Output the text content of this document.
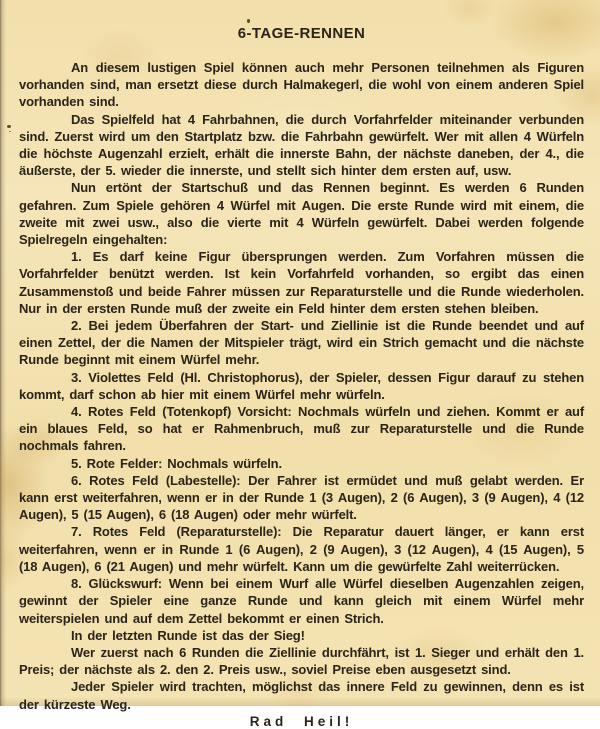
6-TAGE-RENNEN

An diesem lustigen Spiel können auch mehr Personen teilnehmen als Figuren vorhanden sind, man ersetzt diese durch Halmakegerl, die wohl von einem anderen Spiel vorhanden sind.

Das Spielfeld hat 4 Fahrbahnen, die durch Vorfahrfelder miteinander verbunden sind. Zuerst wird um den Startplatz bzw. die Fahrbahn gewürfelt. Wer mit allen 4 Würfeln die höchste Augenzahl erzielt, erhält die innerste Bahn, der nächste daneben, der 4., die äußerste, der 5. wieder die innerste, und stellt sich hinter dem ersten auf, usw.

Nun ertönt der Startschuß und das Rennen beginnt. Es werden 6 Runden gefahren. Zum Spiele gehören 4 Würfel mit Augen. Die erste Runde wird mit einem, die zweite mit zwei usw., also die vierte mit 4 Würfeln gewürfelt. Dabei werden folgende Spielregeln eingehalten:

1. Es darf keine Figur übersprungen werden. Zum Vorfahren müssen die Vorfahrfelder benützt werden. Ist kein Vorfahrfeld vorhanden, so ergibt das einen Zusammenstoß und beide Fahrer müssen zur Reparaturstelle und die Runde wiederholen. Nur in der ersten Runde muß der zweite ein Feld hinter dem ersten stehen bleiben.

2. Bei jedem Überfahren der Start- und Ziellinie ist die Runde beendet und auf einen Zettel, der die Namen der Mitspieler trägt, wird ein Strich gemacht und die nächste Runde beginnt mit einem Würfel mehr.

3. Violettes Feld (Hl. Christophorus), der Spieler, dessen Figur darauf zu stehen kommt, darf schon ab hier mit einem Würfel mehr würfeln.

4. Rotes Feld (Totenkopf) Vorsicht: Nochmals würfeln und ziehen. Kommt er auf ein blaues Feld, so hat er Rahmenbruch, muß zur Reparaturstelle und die Runde nochmals fahren.

5. Rote Felder: Nochmals würfeln.

6. Rotes Feld (Labestelle): Der Fahrer ist ermüdet und muß gelabt werden. Er kann erst weiterfahren, wenn er in der Runde 1 (3 Augen), 2 (6 Augen), 3 (9 Augen), 4 (12 Augen), 5 (15 Augen), 6 (18 Augen) oder mehr würfelt.

7. Rotes Feld (Reparaturstelle): Die Reparatur dauert länger, er kann erst weiterfahren, wenn er in Runde 1 (6 Augen), 2 (9 Augen), 3 (12 Augen), 4 (15 Augen), 5 (18 Augen), 6 (21 Augen) und mehr würfelt. Kann um die gewürfelte Zahl weiterrücken.

8. Glückswurf: Wenn bei einem Wurf alle Würfel dieselben Augenzahlen zeigen, gewinnt der Spieler eine ganze Runde und kann gleich mit einem Würfel mehr weiterspielen und auf dem Zettel bekommt er einen Strich.

In der letzten Runde ist das der Sieg!

Wer zuerst nach 6 Runden die Ziellinie durchfährt, ist 1. Sieger und erhält den 1. Preis; der nächste als 2. den 2. Preis usw., soviel Preise eben ausgesetzt sind.

Jeder Spieler wird trachten, möglichst das innere Feld zu gewinnen, denn es ist der kürzeste Weg.

Rad Heil!
